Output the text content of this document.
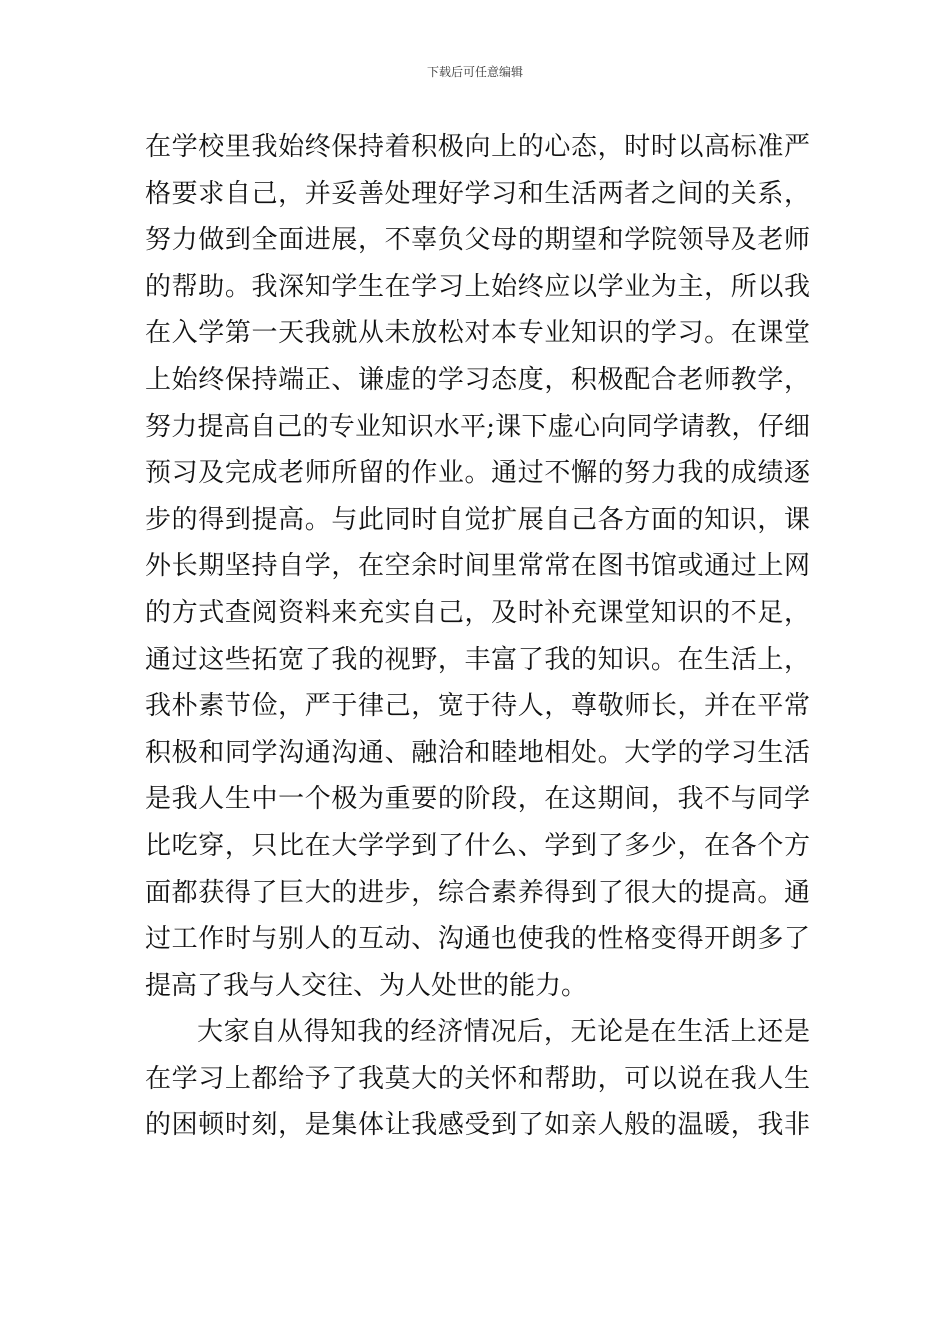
下载后可任意编辑
在学校里我始终保持着积极向上的心态，时时以高标准严
格要求自己，并妥善处理好学习和生活两者之间的关系，
努力做到全面进展，不辜负父母的期望和学院领导及老师
的帮助。我深知学生在学习上始终应以学业为主，所以我
在入学第一天我就从未放松对本专业知识的学习。在课堂
上始终保持端正、谦虚的学习态度，积极配合老师教学，
努力提高自己的专业知识水平;课下虚心向同学请教，仔细
预习及完成老师所留的作业。通过不懈的努力我的成绩逐
步的得到提高。与此同时自觉扩展自己各方面的知识，课
外长期坚持自学，在空余时间里常常在图书馆或通过上网
的方式查阅资料来充实自己，及时补充课堂知识的不足，
通过这些拓宽了我的视野，丰富了我的知识。在生活上，
我朴素节俭，严于律己，宽于待人，尊敬师长，并在平常
积极和同学沟通沟通、融洽和睦地相处。大学的学习生活
是我人生中一个极为重要的阶段，在这期间，我不与同学
比吃穿，只比在大学学到了什么、学到了多少，在各个方
面都获得了巨大的进步，综合素养得到了很大的提高。通
过工作时与别人的互动、沟通也使我的性格变得开朗多了
提高了我与人交往、为人处世的能力。
大家自从得知我的经济情况后，无论是在生活上还是
在学习上都给予了我莫大的关怀和帮助，可以说在我人生
的困顿时刻，是集体让我感受到了如亲人般的温暖，我非
